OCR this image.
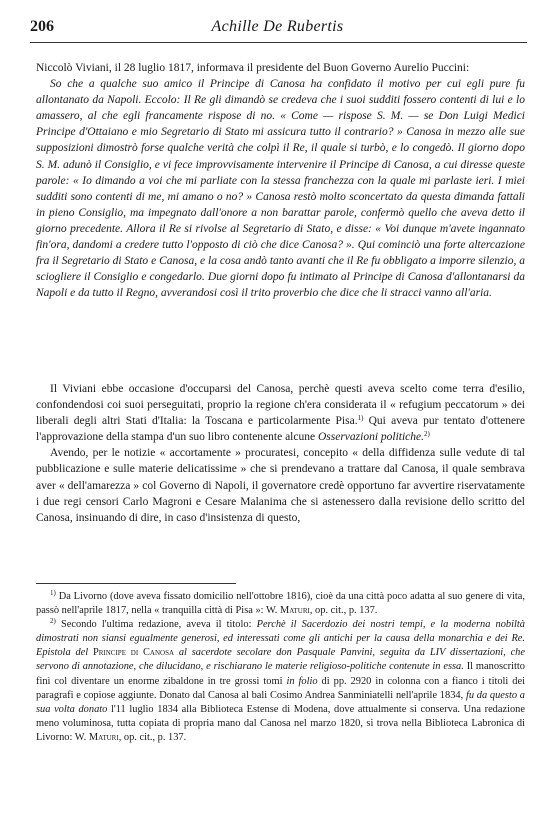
206	Achille De Rubertis

Niccolò Viviani, il 28 luglio 1817, informava il presidente del Buon Governo Aurelio Puccini:

So che a qualche suo amico il Principe di Canosa ha confidato il motivo per cui egli pure fu allontanato da Napoli. Eccolo: Il Re gli dimandò se credeva che i suoi sudditi fossero contenti di lui e lo amassero, al che egli francamente rispose di no. « Come — rispose S. M. — se Don Luigi Medici Principe d'Ottaiano e mio Segretario di Stato mi assicura tutto il contrario? » Canosa in mezzo alle sue supposizioni dimostrò forse qualche verità che colpì il Re, il quale si turbò, e lo congedò. Il giorno dopo S. M. adunò il Consiglio, e vi fece improvvisamente intervenire il Principe di Canosa, a cui diresse queste parole: « Io dimando a voi che mi parliate con la stessa franchezza con la quale mi parlaste ieri. I miei sudditi sono contenti di me, mi amano o no? » Canosa restò molto sconcertato da questa dimanda fattali in pieno Consiglio, ma impegnato dall'onore a non barattar parole, confermò quello che aveva detto il giorno precedente. Allora il Re si rivolse al Segretario di Stato, e disse: « Voi dunque m'avete ingannato fin'ora, dandomi a credere tutto l'opposto di ciò che dice Canosa? ». Qui cominciò una forte altercazione fra il Segretario di Stato e Canosa, e la cosa andò tanto avanti che il Re fu obbligato a imporre silenzio, a sciogliere il Consiglio e congedarlo. Due giorni dopo fu intimato al Principe di Canosa d'allontanarsi da Napoli e da tutto il Regno, avverandosi così il trito proverbio che dice che li stracci vanno all'aria.

Il Viviani ebbe occasione d'occuparsi del Canosa, perchè questi aveva scelto come terra d'esilio, confondendosi coi suoi perseguitati, proprio la regione ch'era considerata il « refugium peccatorum » dei liberali degli altri Stati d'Italia: la Toscana e particolarmente Pisa.$^{1)}$ Qui aveva pur tentato d'ottenere l'approvazione della stampa d'un suo libro contenente alcune Osservazioni politiche.$^{2)}$

Avendo, per le notizie « accortamente » procuratesi, concepito « della diffidenza sulle vedute di tal pubblicazione e sulle materie delicatissime » che si prendevano a trattare dal Canosa, il quale sembrava aver « dell'amarezza » col Governo di Napoli, il governatore credè opportuno far avvertire riservatamente i due regi censori Carlo Magroni e Cesare Malanima che si astenessero dalla revisione dello scritto del Canosa, insinuando di dire, in caso d'insistenza di questo,

$^{1)}$ Da Livorno (dove aveva fissato domicilio nell'ottobre 1816), cioè da una città poco adatta al suo genere di vita, passò nell'aprile 1817, nella « tranquilla città di Pisa »: W. Maturi, op. cit., p. 137.

$^{2)}$ Secondo l'ultima redazione, aveva il titolo: Perchè il Sacerdozio dei nostri tempi, e la moderna nobiltà dimostrati non siansi egualmente generosi, ed interessati come gli antichi per la causa della monarchia e dei Re. Epistola del Principe di Canosa al sacerdote secolare don Pasquale Panvini, seguita da LIV dissertazioni, che servono di annotazione, che dilucidano, e rischiarano le materie religioso-politiche contenute in essa. Il manoscritto finì col diventare un enorme zibaldone in tre grossi tomi in folio di pp. 2920 in colonna con a fianco i titoli dei paragrafi e copiose aggiunte. Donato dal Canosa al bali Cosimo Andrea Sanminiatelli nell'aprile 1834, fu da questo a sua volta donato l'11 luglio 1834 alla Biblioteca Estense di Modena, dove attualmente si conserva. Una redazione meno voluminosa, tutta copiata di propria mano dal Canosa nel marzo 1820, si trova nella Biblioteca Labronica di Livorno: W. Maturi, op. cit., p. 137.
